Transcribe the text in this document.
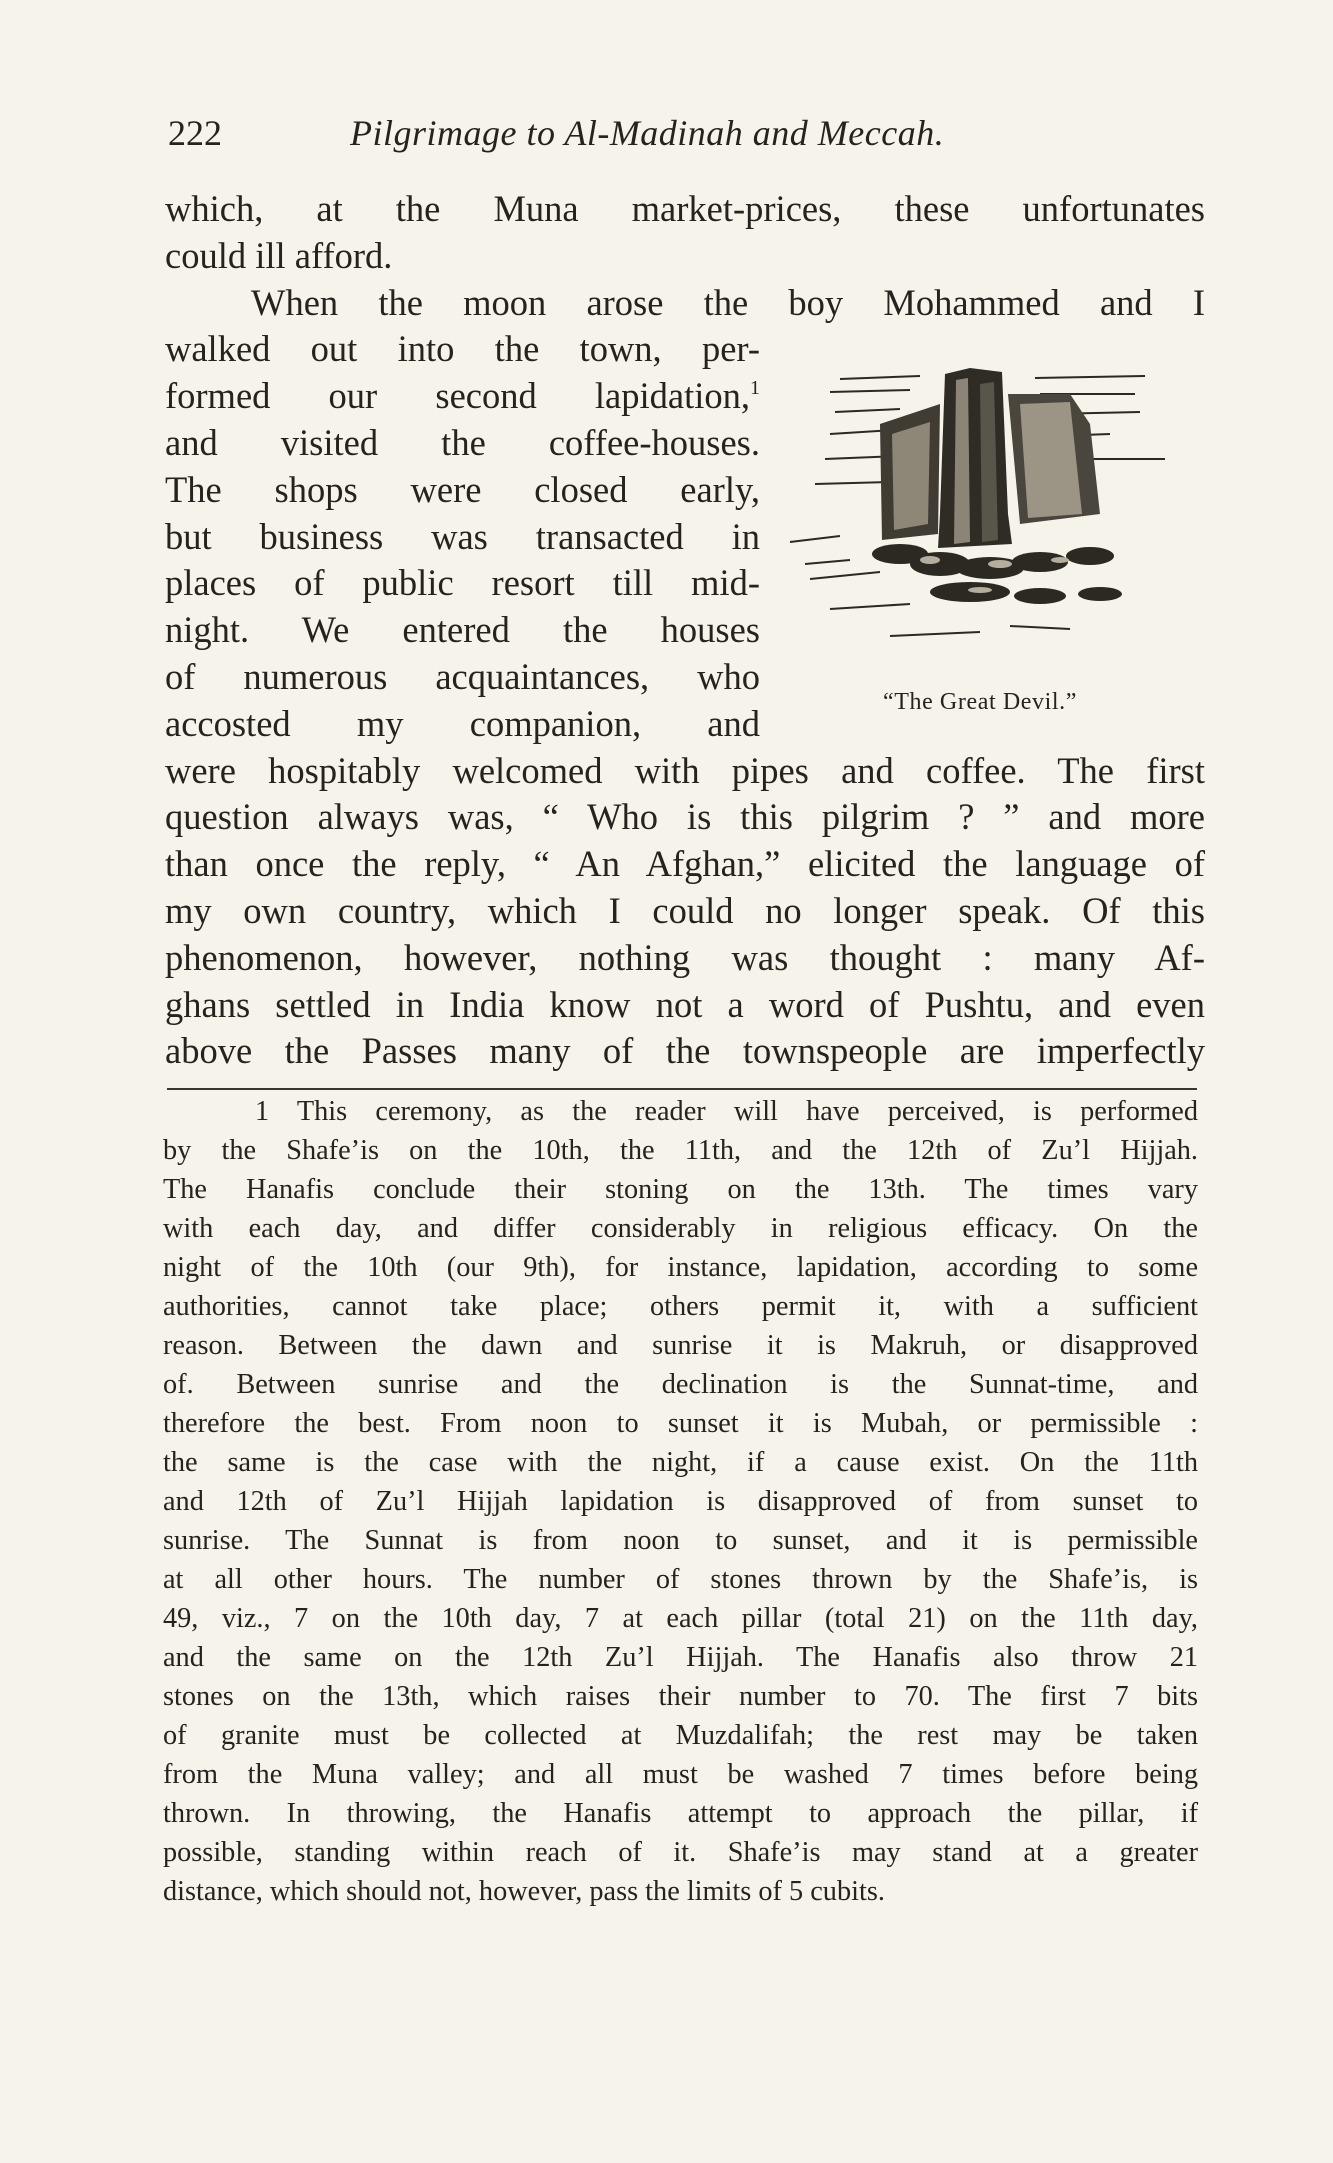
222	Pilgrimage to Al-Madinah and Meccah.
which, at the Muna market-prices, these unfortunates
could ill afford.
When the moon arose the boy Mohammed and I
walked out into the town, per-
formed our second lapidation,$^1$
and visited the coffee-houses.
The shops were closed early,
but business was transacted in
places of public resort till mid-
night. We entered the houses
of numerous acquaintances, who
accosted my companion, and
were hospitably welcomed with pipes and coffee. The first
question always was, “ Who is this pilgrim ? ” and more
than once the reply, “ An Afghan,” elicited the language of
my own country, which I could no longer speak. Of this
phenomenon, however, nothing was thought : many Af-
ghans settled in India know not a word of Pushtu, and even
above the Passes many of the townspeople are imperfectly
“The Great Devil.”
1 This ceremony, as the reader will have perceived, is performed
by the Shafe’is on the 10th, the 11th, and the 12th of Zu’l Hijjah.
The Hanafis conclude their stoning on the 13th. The times vary
with each day, and differ considerably in religious efficacy. On the
night of the 10th (our 9th), for instance, lapidation, according to some
authorities, cannot take place; others permit it, with a sufficient
reason. Between the dawn and sunrise it is Makruh, or disapproved
of. Between sunrise and the declination is the Sunnat-time, and
therefore the best. From noon to sunset it is Mubah, or permissible :
the same is the case with the night, if a cause exist. On the 11th
and 12th of Zu’l Hijjah lapidation is disapproved of from sunset to
sunrise. The Sunnat is from noon to sunset, and it is permissible
at all other hours. The number of stones thrown by the Shafe’is, is
49, viz., 7 on the 10th day, 7 at each pillar (total 21) on the 11th day,
and the same on the 12th Zu’l Hijjah. The Hanafis also throw 21
stones on the 13th, which raises their number to 70. The first 7 bits
of granite must be collected at Muzdalifah; the rest may be taken
from the Muna valley; and all must be washed 7 times before being
thrown. In throwing, the Hanafis attempt to approach the pillar, if
possible, standing within reach of it. Shafe’is may stand at a greater
distance, which should not, however, pass the limits of 5 cubits.
